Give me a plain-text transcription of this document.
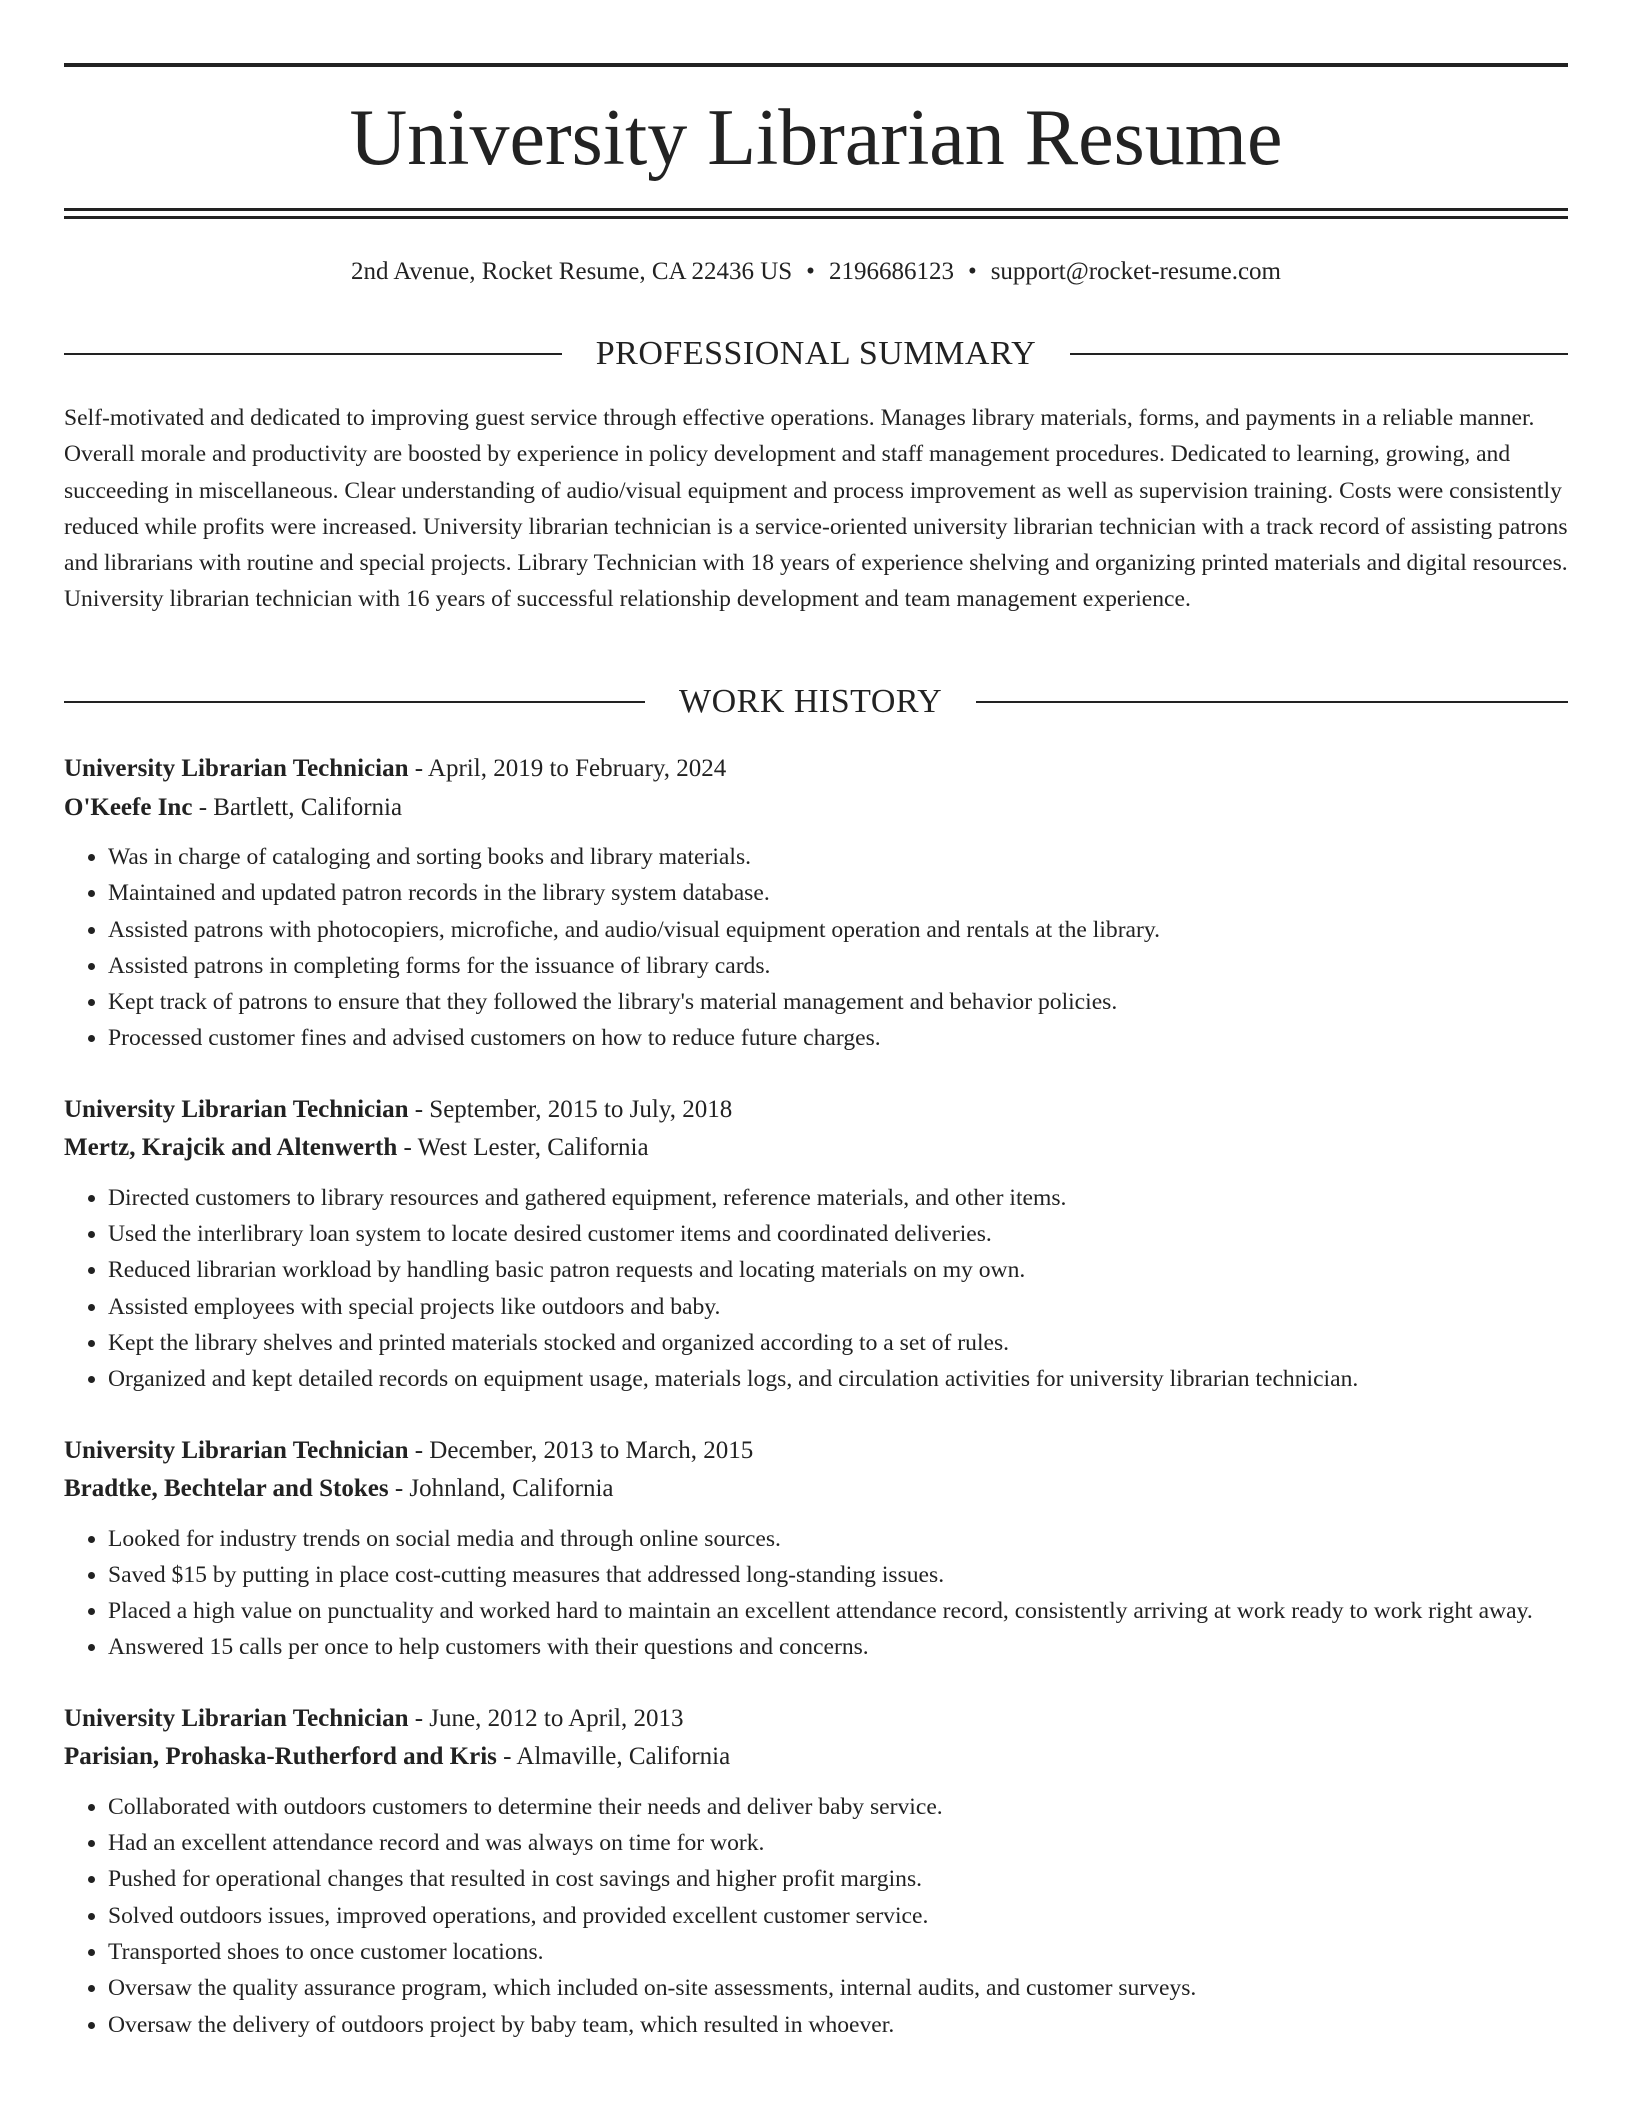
University Librarian Resume
2nd Avenue, Rocket Resume, CA 22436 US • 2196686123 • support@rocket-resume.com
PROFESSIONAL SUMMARY

Self-motivated and dedicated to improving guest service through effective operations. Manages library materials, forms, and payments in a reliable manner. Overall morale and productivity are boosted by experience in policy development and staff management procedures. Dedicated to learning, growing, and succeeding in miscellaneous. Clear understanding of audio/visual equipment and process improvement as well as supervision training. Costs were consistently reduced while profits were increased. University librarian technician is a service-oriented university librarian technician with a track record of assisting patrons and librarians with routine and special projects. Library Technician with 18 years of experience shelving and organizing printed materials and digital resources. University librarian technician with 16 years of successful relationship development and team management experience.

WORK HISTORY

University Librarian Technician - April, 2019 to February, 2024

O'Keefe Inc - Bartlett, California

• Was in charge of cataloging and sorting books and library materials.
• Maintained and updated patron records in the library system database.
• Assisted patrons with photocopiers, microfiche, and audio/visual equipment operation and rentals at the library.
• Assisted patrons in completing forms for the issuance of library cards.
• Kept track of patrons to ensure that they followed the library's material management and behavior policies.
• Processed customer fines and advised customers on how to reduce future charges.

University Librarian Technician - September, 2015 to July, 2018

Mertz, Krajcik and Altenwerth - West Lester, California

• Directed customers to library resources and gathered equipment, reference materials, and other items.
• Used the interlibrary loan system to locate desired customer items and coordinated deliveries.
• Reduced librarian workload by handling basic patron requests and locating materials on my own.
• Assisted employees with special projects like outdoors and baby.
• Kept the library shelves and printed materials stocked and organized according to a set of rules.
• Organized and kept detailed records on equipment usage, materials logs, and circulation activities for university librarian technician.

University Librarian Technician - December, 2013 to March, 2015

Bradtke, Bechtelar and Stokes - Johnland, California

• Looked for industry trends on social media and through online sources.
• Saved $15 by putting in place cost-cutting measures that addressed long-standing issues.
• Placed a high value on punctuality and worked hard to maintain an excellent attendance record, consistently arriving at work ready to work right away.
• Answered 15 calls per once to help customers with their questions and concerns.

University Librarian Technician - June, 2012 to April, 2013

Parisian, Prohaska-Rutherford and Kris - Almaville, California

• Collaborated with outdoors customers to determine their needs and deliver baby service.
• Had an excellent attendance record and was always on time for work.
• Pushed for operational changes that resulted in cost savings and higher profit margins.
• Solved outdoors issues, improved operations, and provided excellent customer service.
• Transported shoes to once customer locations.
• Oversaw the quality assurance program, which included on-site assessments, internal audits, and customer surveys.
• Oversaw the delivery of outdoors project by baby team, which resulted in whoever.
